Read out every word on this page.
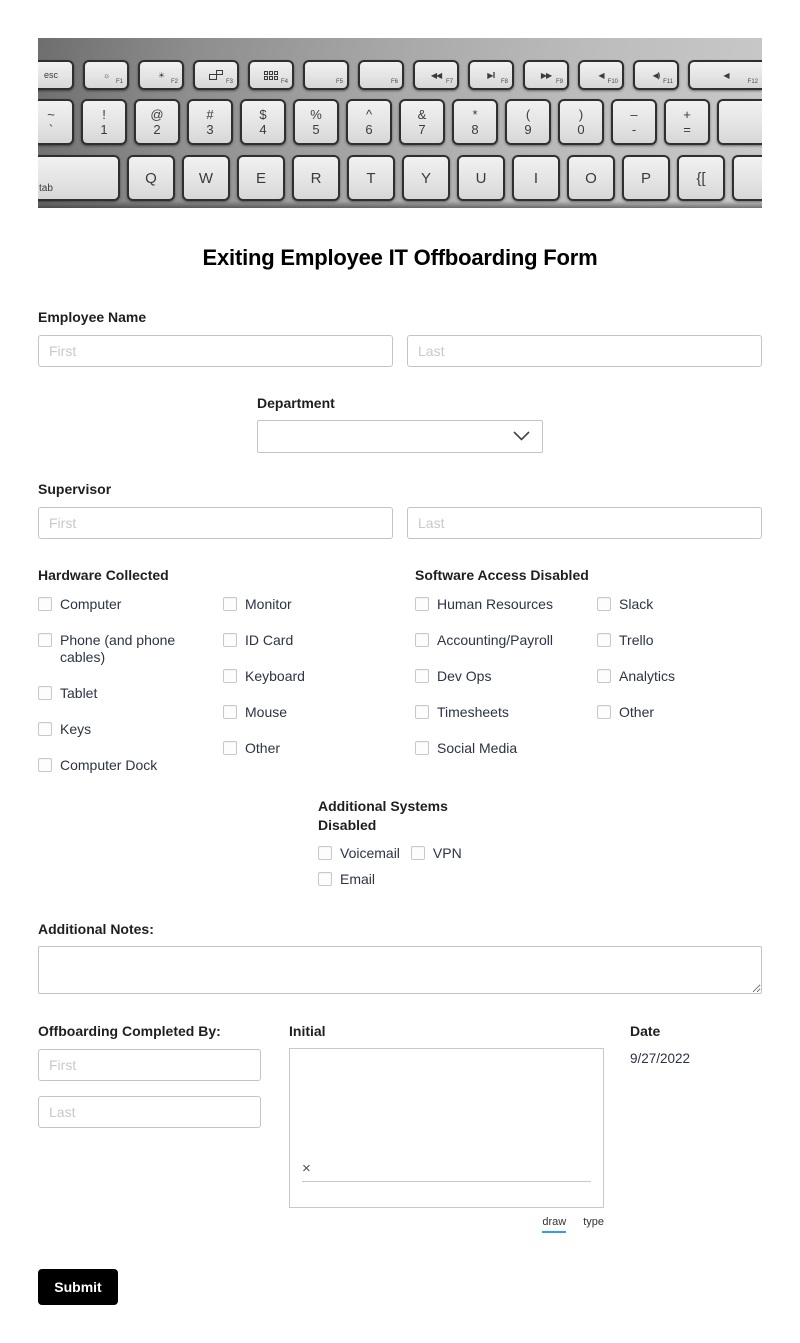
esc	☼
F1
☀
F2	F3	F4	F5	F6
◀◀
F7
▶‖
F8
▶▶
F9
◀
F10
◀)
F11
◀
F12
~
`
!
1
@
2
#
3
$
4
%
5
^
6
&
7
*
8
(
9
)
0
–
-
+
=
tab
Q	W	E	R	T	Y	U	I	O	P	{ [
Exiting Employee IT Offboarding Form
Employee Name
First
Last
Department
Supervisor
First
Last
Hardware Collected
Computer
Phone (and phone cables)
Tablet
Keys
Computer Dock
Monitor
ID Card
Keyboard
Mouse
Other
Software Access Disabled
Human Resources
Accounting/Payroll
Dev Ops
Timesheets
Social Media
Slack
Trello
Analytics
Other
Additional Systems Disabled
Voicemail VPN
Email
Additional Notes:
Offboarding Completed By:
First
Last	Initial
×
draw type
Date
9/27/2022
Submit
